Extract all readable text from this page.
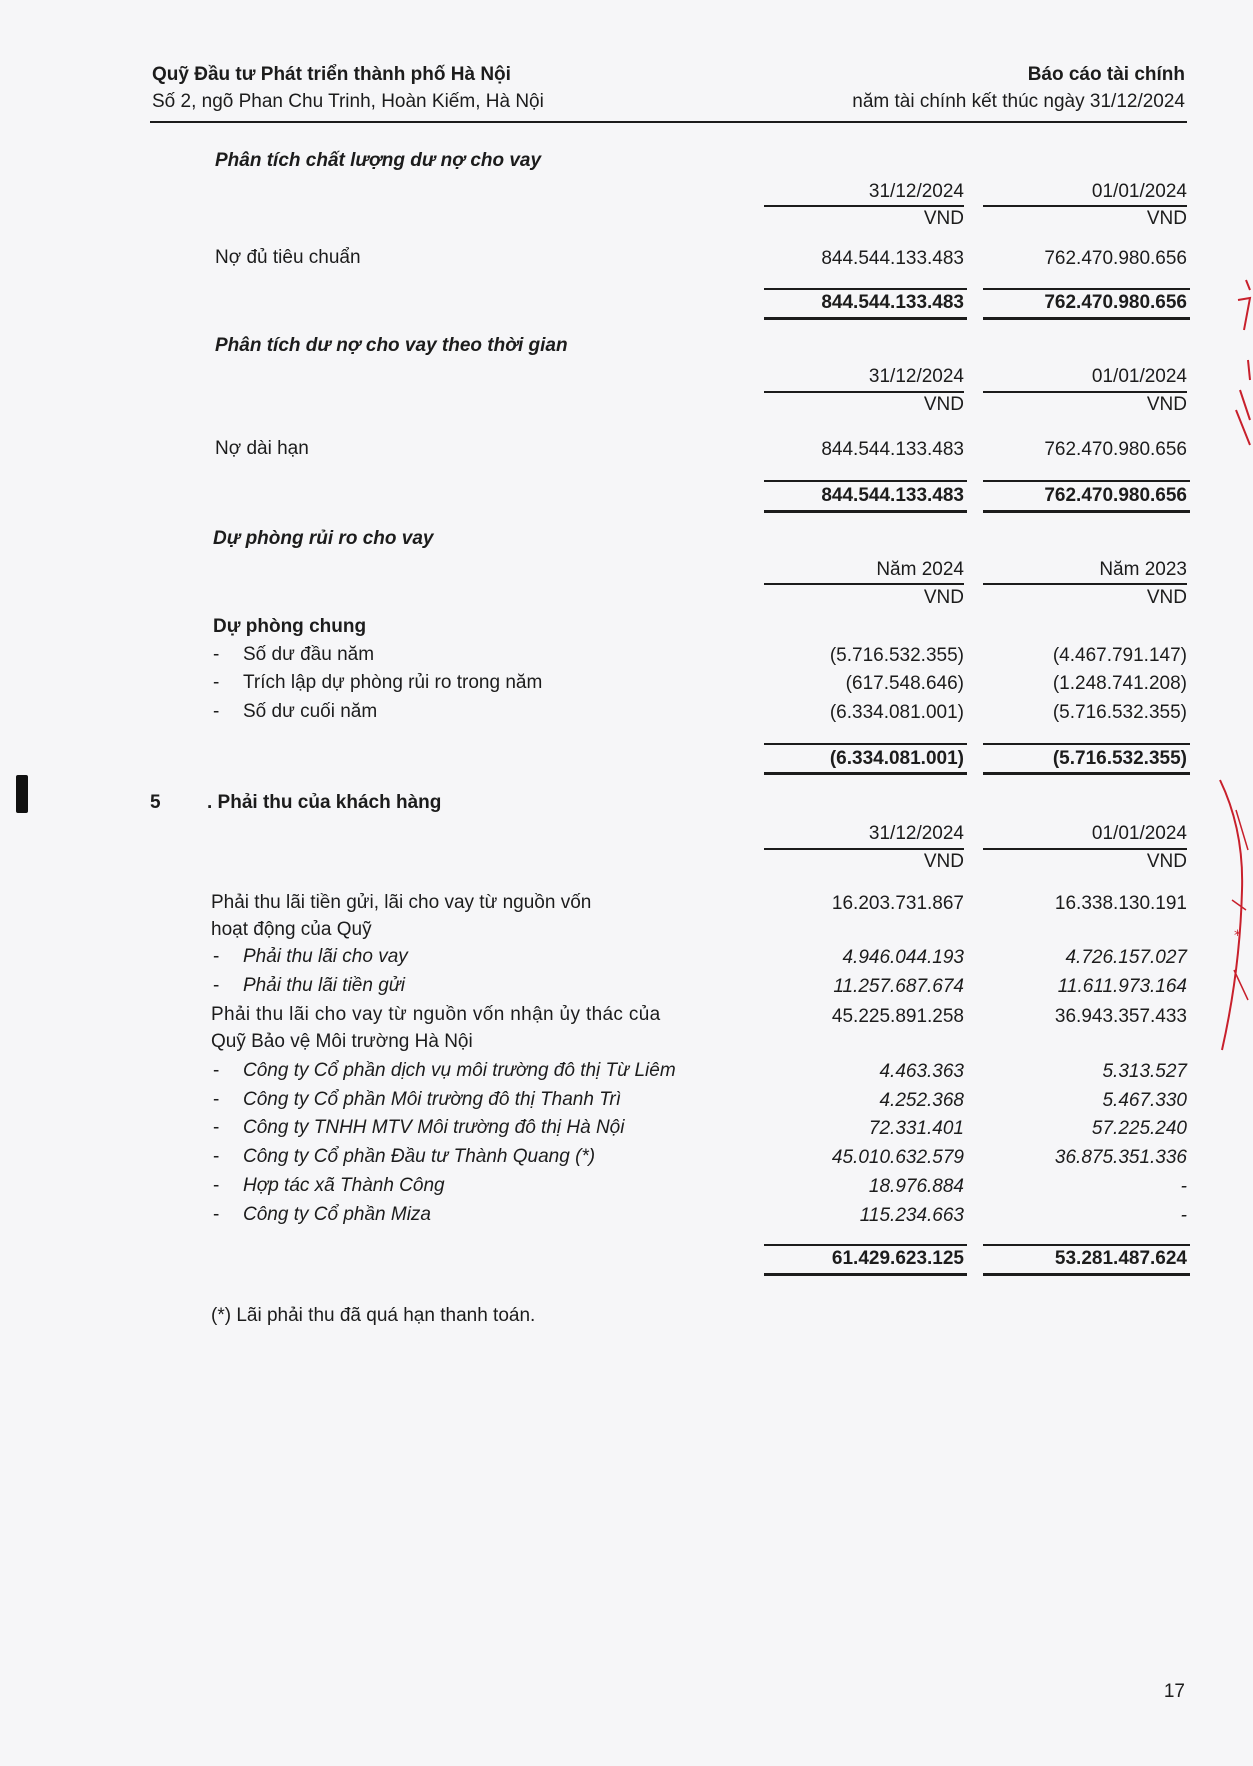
Quỹ Đầu tư Phát triển thành phố Hà Nội
Số 2, ngõ Phan Chu Trinh, Hoàn Kiếm, Hà Nội
Báo cáo tài chính
năm tài chính kết thúc ngày 31/12/2024
Phân tích chất lượng dư nợ cho vay
31/12/2024	01/01/2024
VND	VND
Nợ đủ tiêu chuẩn	844.544.133.483	762.470.980.656
844.544.133.483	762.470.980.656
Phân tích dư nợ cho vay theo thời gian
31/12/2024	01/01/2024
VND	VND
Nợ dài hạn	844.544.133.483	762.470.980.656
844.544.133.483	762.470.980.656
Dự phòng rủi ro cho vay
Năm 2024	Năm 2023
VND	VND
Dự phòng chung
- Số dư đầu năm	(5.716.532.355)	(4.467.791.147)
- Trích lập dự phòng rủi ro trong năm	(617.548.646)	(1.248.741.208)
- Số dư cuối năm	(6.334.081.001)	(5.716.532.355)
(6.334.081.001)	(5.716.532.355)
5 . Phải thu của khách hàng
31/12/2024	01/01/2024
VND	VND
Phải thu lãi tiền gửi, lãi cho vay từ nguồn vốn
hoạt động của Quỹ
16.203.731.867	16.338.130.191
- Phải thu lãi cho vay	4.946.044.193	4.726.157.027
- Phải thu lãi tiền gửi	11.257.687.674	11.611.973.164
Phải thu lãi cho vay từ nguồn vốn nhận ủy thác của
Quỹ Bảo vệ Môi trường Hà Nội
45.225.891.258	36.943.357.433
- Công ty Cổ phần dịch vụ môi trường đô thị Từ Liêm	4.463.363	5.313.527
- Công ty Cổ phần Môi trường đô thị Thanh Trì	4.252.368	5.467.330
- Công ty TNHH MTV Môi trường đô thị Hà Nội	72.331.401	57.225.240
- Công ty Cổ phần Đầu tư Thành Quang (*)	45.010.632.579	36.875.351.336
- Hợp tác xã Thành Công	18.976.884	-
- Công ty Cổ phần Miza	115.234.663	-
61.429.623.125	53.281.487.624
(*) Lãi phải thu đã quá hạn thanh toán.
17
*
